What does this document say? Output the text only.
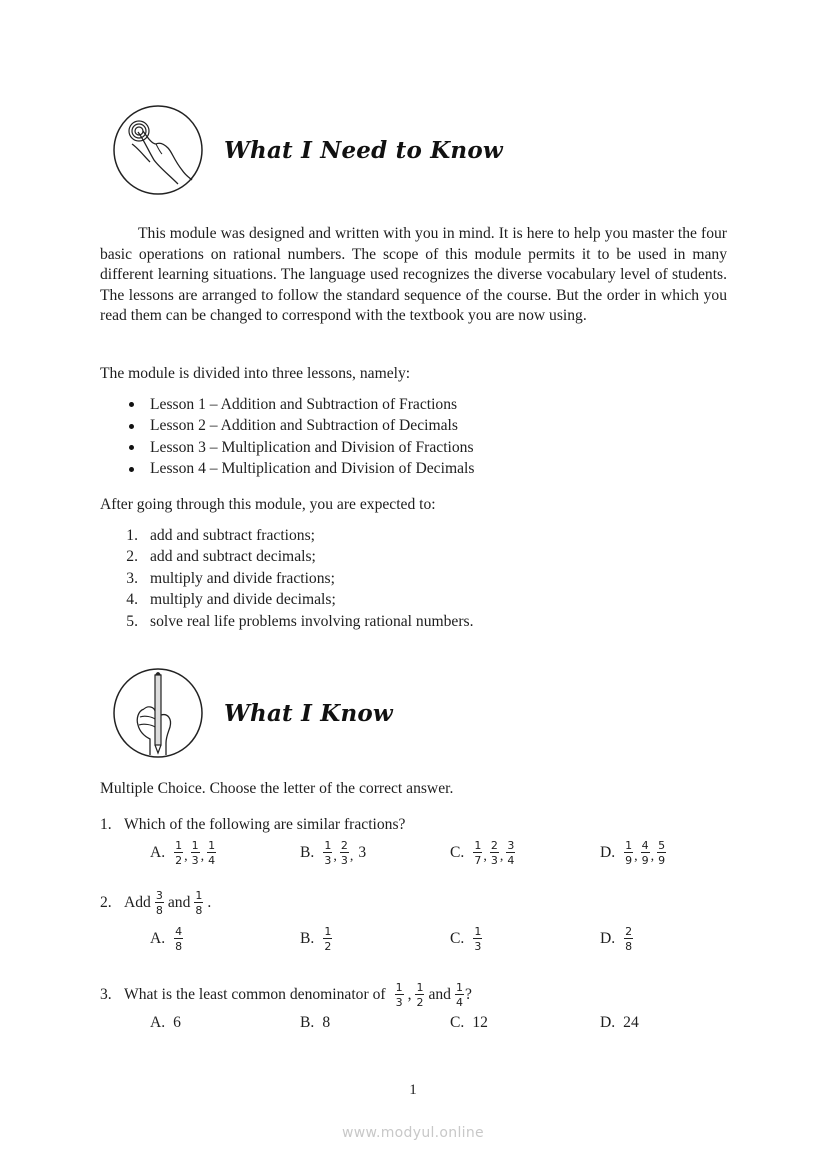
What I Need to Know
This module was designed and written with you in mind. It is here to help you master the four basic operations on rational numbers. The scope of this module permits it to be used in many different learning situations. The language used recognizes the diverse vocabulary level of students. The lessons are arranged to follow the standard sequence of the course. But the order in which you read them can be changed to correspond with the textbook you are now using.
The module is divided into three lessons, namely:
Lesson 1 – Addition and Subtraction of Fractions
Lesson 2 – Addition and Subtraction of Decimals
Lesson 3 – Multiplication and Division of Fractions
Lesson 4 – Multiplication and Division of Decimals
After going through this module, you are expected to:
1. add and subtract fractions;
2. add and subtract decimals;
3. multiply and divide fractions;
4. multiply and divide decimals;
5. solve real life problems involving rational numbers.
What I Know
Multiple Choice. Choose the letter of the correct answer.
1. Which of the following are similar fractions?
A. $\frac{1}{2}$ , $\frac{1}{3}$ , $\frac{1}{4}$	B. $\frac{1}{3}$ , $\frac{2}{3}$ , 3	C. $\frac{1}{7}$ , $\frac{2}{3}$ , $\frac{3}{4}$	D. $\frac{1}{9}$ , $\frac{4}{9}$ , $\frac{5}{9}$
2. Add $\frac{3}{8}$ and $\frac{1}{8}$ .
A. $\frac{4}{8}$	B. $\frac{1}{2}$	C. $\frac{1}{3}$	D. $\frac{2}{8}$
3. What is the least common denominator of $\frac{1}{3}$ , $\frac{1}{2}$ and $\frac{1}{4}$ ?
A. 6	B. 8	C. 12	D. 24
1
www.modyul.online
